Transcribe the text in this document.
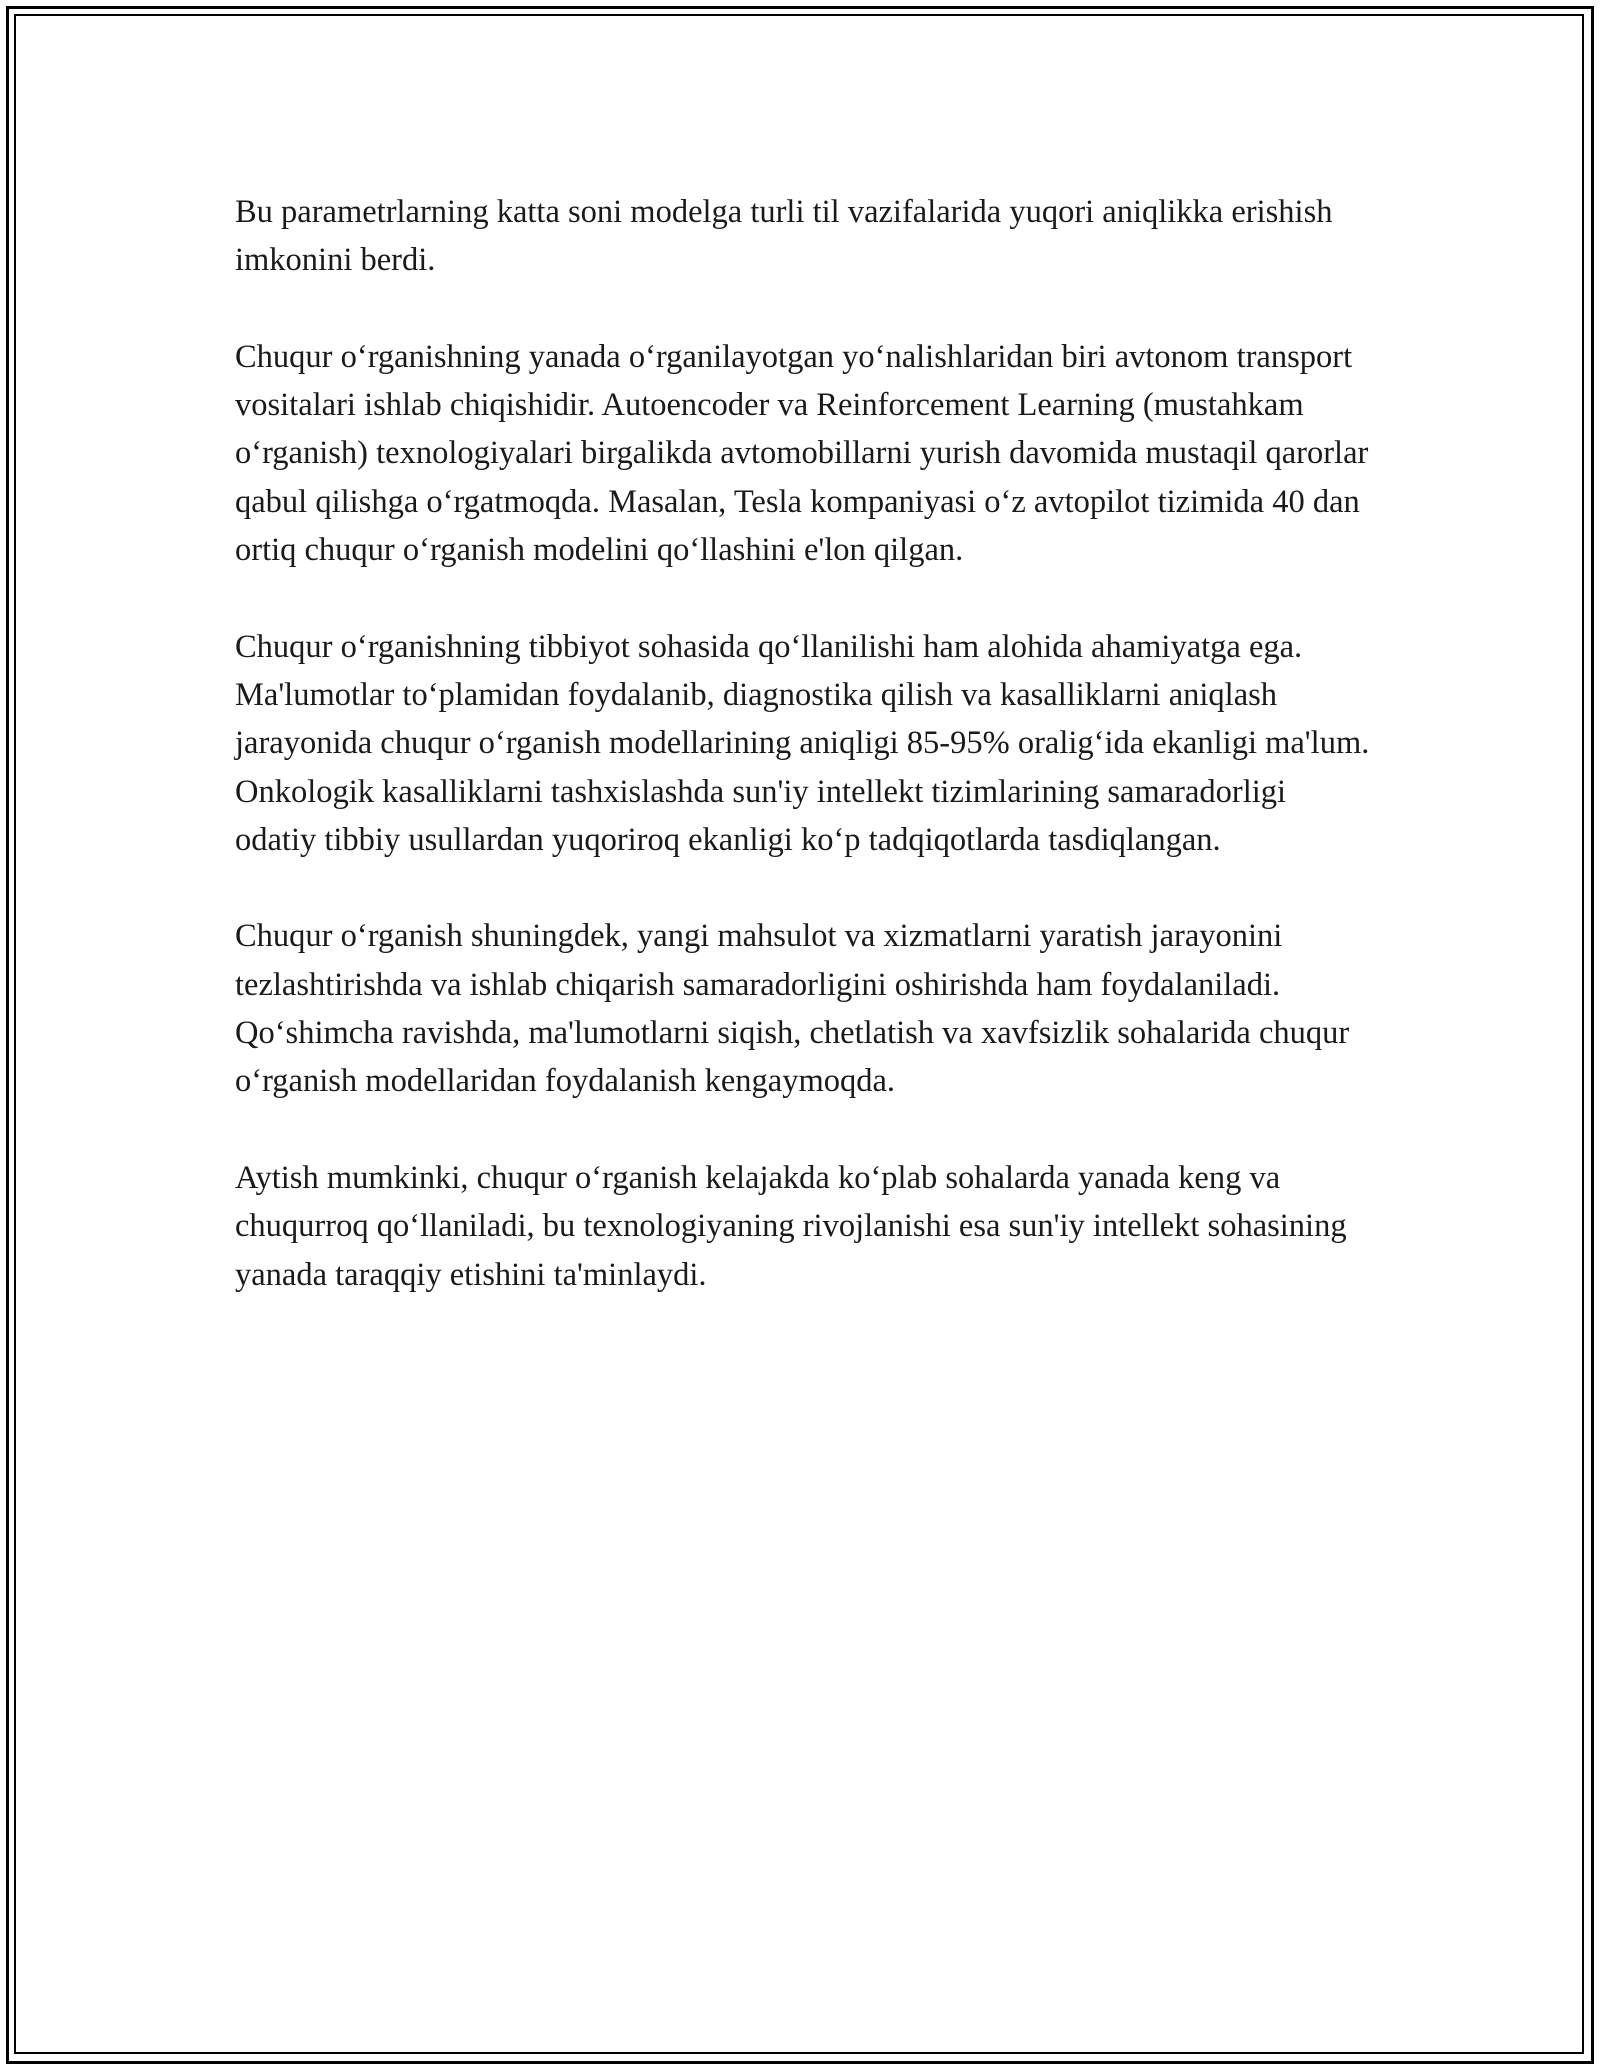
Bu parametrlarning katta soni modelga turli til vazifalarida yuqori aniqlikka erishish imkonini berdi.

Chuqur o‘rganishning yanada o‘rganilayotgan yo‘nalishlaridan biri avtonom transport vositalari ishlab chiqishidir. Autoencoder va Reinforcement Learning (mustahkam o‘rganish) texnologiyalari birgalikda avtomobillarni yurish davomida mustaqil qarorlar qabul qilishga o‘rgatmoqda. Masalan, Tesla kompaniyasi o‘z avtopilot tizimida 40 dan ortiq chuqur o‘rganish modelini qo‘llashini e'lon qilgan.

Chuqur o‘rganishning tibbiyot sohasida qo‘llanilishi ham alohida ahamiyatga ega. Ma'lumotlar to‘plamidan foydalanib, diagnostika qilish va kasalliklarni aniqlash jarayonida chuqur o‘rganish modellarining aniqligi 85-95% oralig‘ida ekanligi ma'lum. Onkologik kasalliklarni tashxislashda sun'iy intellekt tizimlarining samaradorligi odatiy tibbiy usullardan yuqoriroq ekanligi ko‘p tadqiqotlarda tasdiqlangan.

Chuqur o‘rganish shuningdek, yangi mahsulot va xizmatlarni yaratish jarayonini tezlashtirishda va ishlab chiqarish samaradorligini oshirishda ham foydalaniladi. Qo‘shimcha ravishda, ma'lumotlarni siqish, chetlatish va xavfsizlik sohalarida chuqur o‘rganish modellaridan foydalanish kengaymoqda.

Aytish mumkinki, chuqur o‘rganish kelajakda ko‘plab sohalarda yanada keng va chuqurroq qo‘llaniladi, bu texnologiyaning rivojlanishi esa sun'iy intellekt sohasining yanada taraqqiy etishini ta'minlaydi.
